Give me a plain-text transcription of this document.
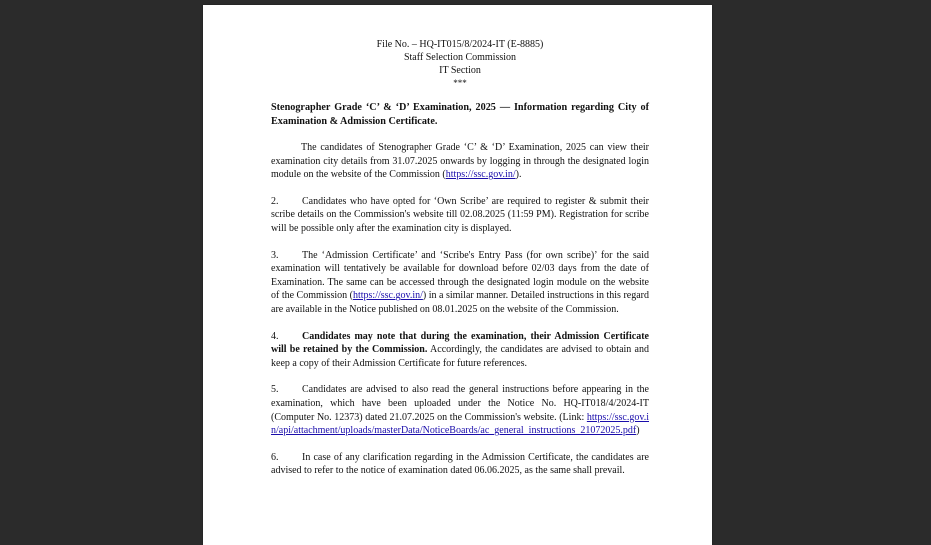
File No. – HQ-IT015/8/2024-IT (E-8885)
Staff Selection Commission
IT Section
***
Stenographer Grade ‘C’ & ‘D’ Examination, 2025 — Information regarding City of Examination & Admission Certificate.

The candidates of Stenographer Grade ‘C’ & ‘D’ Examination, 2025 can view their examination city details from 31.07.2025 onwards by logging in through the designated login module on the website of the Commission (https://ssc.gov.in/).

2. Candidates who have opted for ‘Own Scribe’ are required to register & submit their scribe details on the Commission's website till 02.08.2025 (11:59 PM). Registration for scribe will be possible only after the examination city is displayed.

3. The ‘Admission Certificate’ and ‘Scribe's Entry Pass (for own scribe)’ for the said examination will tentatively be available for download before 02/03 days from the date of Examination. The same can be accessed through the designated login module on the website of the Commission (https://ssc.gov.in/) in a similar manner. Detailed instructions in this regard are available in the Notice published on 08.01.2025 on the website of the Commission.

4. Candidates may note that during the examination, their Admission Certificate will be retained by the Commission. Accordingly, the candidates are advised to obtain and keep a copy of their Admission Certificate for future references.

5. Candidates are advised to also read the general instructions before appearing in the examination, which have been uploaded under the Notice No. HQ-IT018/4/2024-IT (Computer No. 12373) dated 21.07.2025 on the Commission's website. (Link: https://ssc.gov.in/api/attachment/uploads/masterData/NoticeBoards/ac_general_instructions_21072025.pdf)

6. In case of any clarification regarding in the Admission Certificate, the candidates are advised to refer to the notice of examination dated 06.06.2025, as the same shall prevail.
